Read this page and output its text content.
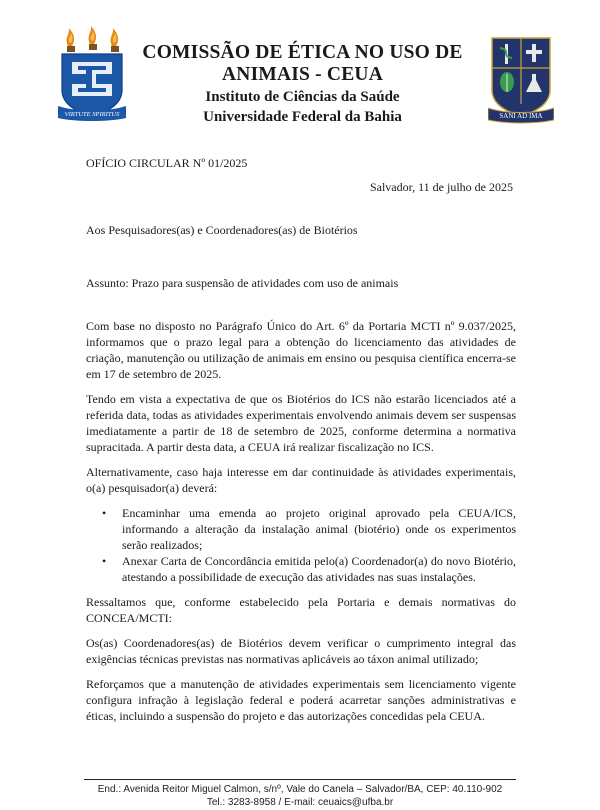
VIRTUTE SPIRITUS
COMISSÃO DE ÉTICA NO USO DE
ANIMAIS - CEUA
Instituto de Ciências da Saúde
Universidade Federal da Bahia	SANI AD IMA
OFÍCIO CIRCULAR Nº 01/2025
Salvador, 11 de julho de 2025
Aos Pesquisadores(as) e Coordenadores(as) de Biotérios
Assunto: Prazo para suspensão de atividades com uso de animais

Com base no disposto no Parágrafo Único do Art. 6º da Portaria MCTI nº 9.037/2025, informamos que o prazo legal para a obtenção do licenciamento das atividades de criação, manutenção ou utilização de animais em ensino ou pesquisa científica encerra-se em 17 de setembro de 2025.

Tendo em vista a expectativa de que os Biotérios do ICS não estarão licenciados até a referida data, todas as atividades experimentais envolvendo animais devem ser suspensas imediatamente a partir de 18 de setembro de 2025, conforme determina a normativa supracitada. A partir desta data, a CEUA irá realizar fiscalização no ICS.

Alternativamente, caso haja interesse em dar continuidade às atividades experimentais, o(a) pesquisador(a) deverá:

• Encaminhar uma emenda ao projeto original aprovado pela CEUA/ICS, informando a alteração da instalação animal (biotério) onde os experimentos serão realizados;
• Anexar Carta de Concordância emitida pelo(a) Coordenador(a) do novo Biotério, atestando a possibilidade de execução das atividades nas suas instalações.

Ressaltamos que, conforme estabelecido pela Portaria e demais normativas do CONCEA/MCTI:

Os(as) Coordenadores(as) de Biotérios devem verificar o cumprimento integral das exigências técnicas previstas nas normativas aplicáveis ao táxon animal utilizado;

Reforçamos que a manutenção de atividades experimentais sem licenciamento vigente configura infração à legislação federal e poderá acarretar sanções administrativas e éticas, incluindo a suspensão do projeto e das autorizações concedidas pela CEUA.

End.: Avenida Reitor Miguel Calmon, s/nº, Vale do Canela – Salvador/BA, CEP: 40.110-902
Tel.: 3283-8958 / E-mail: ceuaics@ufba.br
